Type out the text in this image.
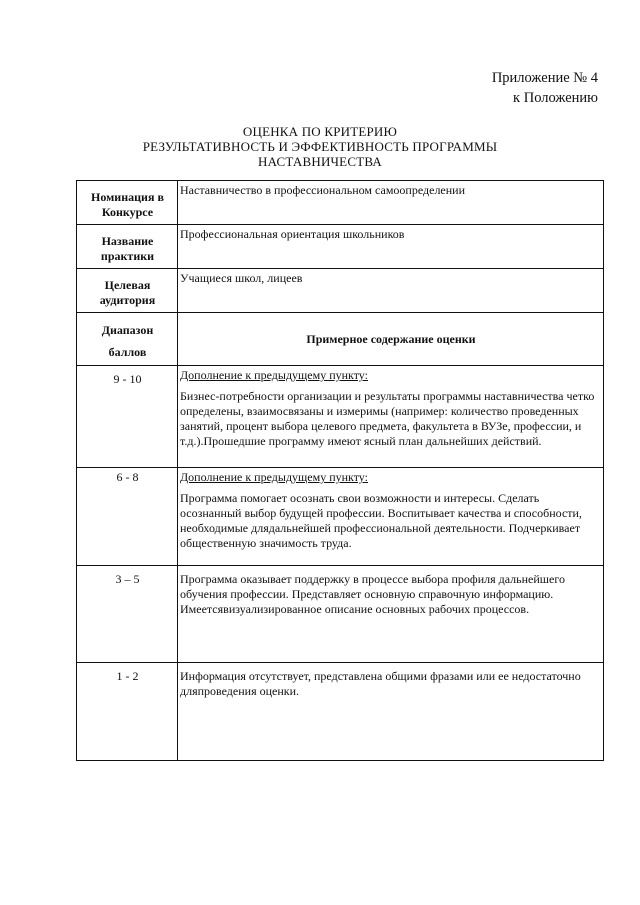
Приложение № 4
к Положению
ОЦЕНКА ПО КРИТЕРИЮ
РЕЗУЛЬТАТИВНОСТЬ И ЭФФЕКТИВНОСТЬ ПРОГРАММЫ
НАСТАВНИЧЕСТВА
Номинация в
Конкурсе	Наставничество в профессиональном самоопределении

Название
практики	Профессиональная ориентация школьников

Целевая
аудитория	Учащиеся школ, лицеев

Диапазон
баллов	Примерное содержание оценки
9 - 10	Дополнение к предыдущему пункту:
Бизнес-потребности организации и результаты программы наставничества четко определены, взаимосвязаны и измеримы (например: количество проведенных занятий, процент выбора целевого предмета, факультета в ВУЗе, профессии, и т.д.).Прошедшие программу имеют ясный план дальнейших действий.

6 - 8	Дополнение к предыдущему пункту:
Программа помогает осознать свои возможности и интересы. Сделать осознанный выбор будущей профессии. Воспитывает качества и способности, необходимые длядальнейшей профессиональной деятельности. Подчеркивает общественную значимость труда.

3 – 5	Программа оказывает поддержку в процессе выбора профиля дальнейшего обучения профессии. Представляет основную справочную информацию. Имеетсявизуализированное описание основных рабочих процессов.

1 - 2	Информация отсутствует, представлена общими фразами или ее недостаточно дляпроведения оценки.
